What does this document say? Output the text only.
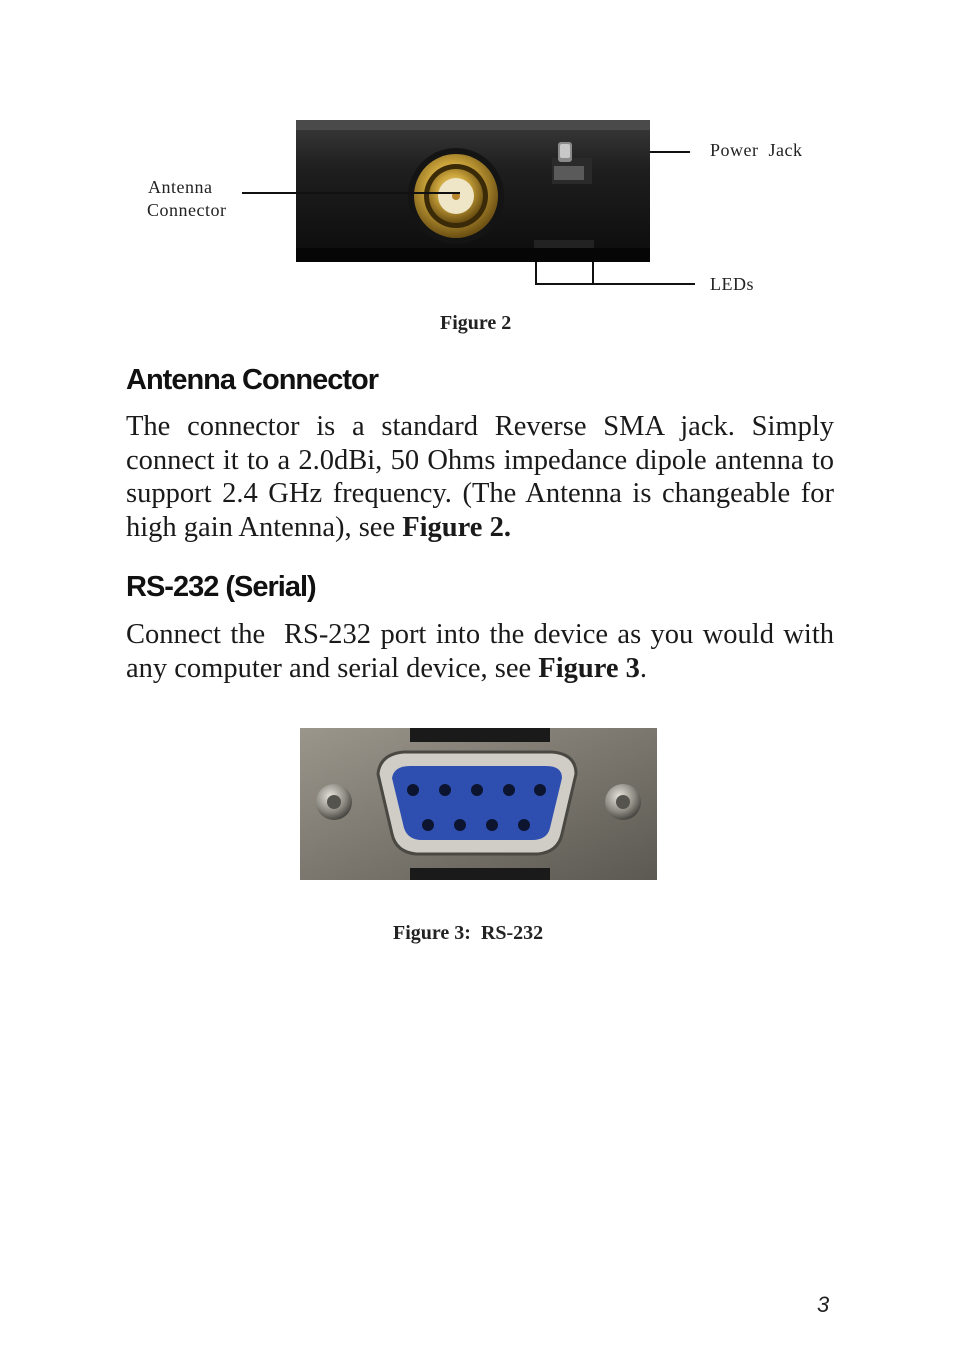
Power  Jack
Antenna
Connector
LEDs
Figure 2
Antenna Connector

The connector is a standard Reverse SMA jack. Simply connect it to a 2.0dBi, 50 Ohms impedance dipole antenna to support 2.4 GHz frequency. (The Antenna is changeable for high gain Antenna), see Figure 2.

RS-232 (Serial)

Connect the  RS-232 port into the device as you would with any computer and serial device, see Figure 3.

Figure 3:  RS-232
3
